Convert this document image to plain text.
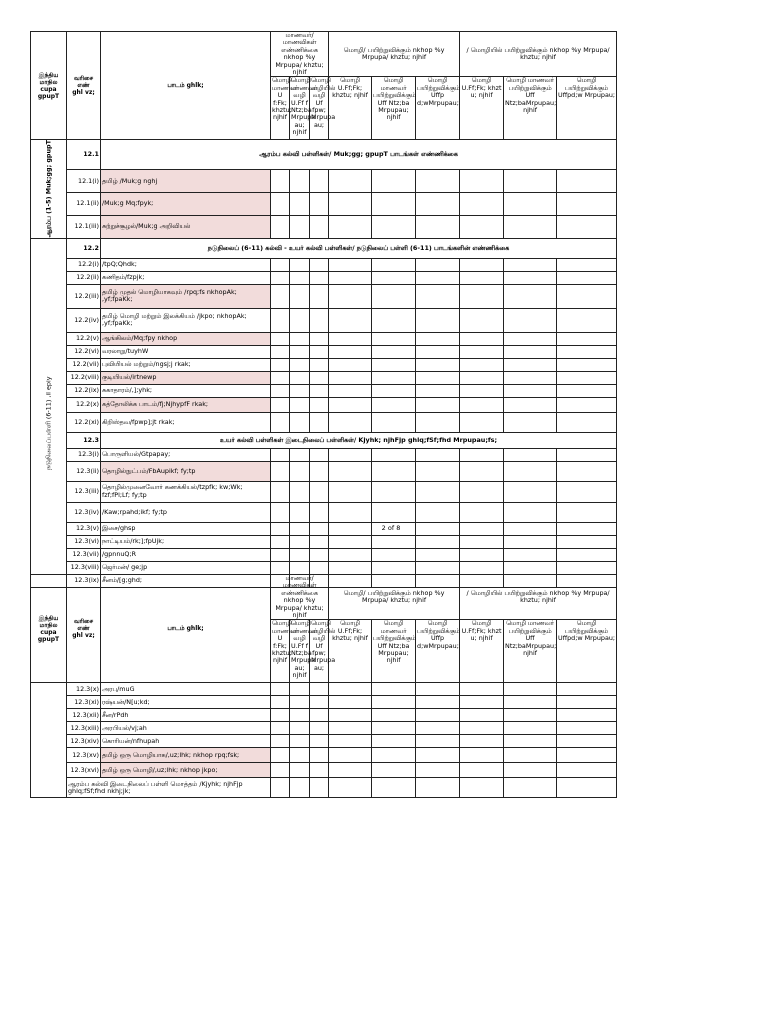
இந்திய
மாநில
cupa
gpupT	வரிசை
எண்
ghl vz;	பாடம் ghlk;	மாணவர்/ மாணவிகள் எண்ணிக்கை nkhop %y Mrpupa/ khztu; njhif			மொழி/ பயிற்றுவிக்கும் nkhop %y Mrpupa/ khztu; njhif			/ மொழியில் பயிற்றுவிக்கும் nkhop %y Mrpupa/ khztu; njhif		
			மொழி மாணவர் U f:Fk; khztu; njhif	மொழி மாணவர் வழி U.Ff f Ntz;ba Mrpupa au; njhif	மொழி வழியில் வழி Uf fpw; Mrpupa au;	மொழி U.Ff;Fk; khztu; njhif	மொழி மாணவர் பயிற்றுவிக்கும் Uff Ntz;ba Mrpupau; njhif	மொழி பயிற்றுவிக்கும் Uffp d;wMrpupau;	மொழி U.Ff;Fk; khzt u; njhif	மொழி மாணவர் பயிற்றுவிக்கும் Uff Ntz;baMrpupau; njhif	மொழி பயிற்றுவிக்கும் Uffpd;w Mrpupau;
ஆரம்ப (1-5) Muk;gg; gpupT	12.1	ஆரம்ப கல்வி பள்ளிகள்/ Muk;gg; gpupT பாடங்கள் எண்ணிக்கை									
	12.1(i)	தமிழ் /Muk;g nghj									
	12.1(ii)	/Muk;g Mq;fpyk;									
	12.1(iii)	சுற்றுச்சூழல்/Muk;g அறிவியல்									
	12.2	நடுநிலைப் (6-11) கல்வி - உயர் கல்வி பள்ளிகள்/ நடுநிலைப் பள்ளி (6-11) பாடங்களின் எண்ணிக்கை									
நடுநிலைப்பள்ளி (6-11) ,il epiy	12.2(i)	/tpQ;Qhdk;									
	12.2(ii)	கணிதம்/fzpjk;									
	12.2(iii)	தமிழ் முதல் மொழியாகவும் /rpq;fs nkhopAk; ,yf;fpaKk;									
	12.2(iv)	தமிழ் மொழி மற்றும் இலக்கியம் /jkpo; nkhopAk; ,yf;fpaKk;									
	12.2(v)	ஆங்கிலம்/Mq;fpy nkhop									
	12.2(vi)	வரலாறு/tuyhW									
	12.2(vii)	புவியியல் மற்றும்/ngsj;j rkak;									
	12.2(viii)	குடியியல்/irtnewp									
	12.2(ix)	சுகாதாரம்/,];yhk;									
	12.2(x)	கத்தோலிக்க பாடம்/fj;NjhypfF rkak;									
	12.2(xi)	கிறிஸ்தவ/fpwp];jt rkak;									
	12.3	உயர் கல்வி பள்ளிகள் இடைநிலைப் பள்ளிகள்/ Kjyhk; njhFjp ghlq;fSf;fhd Mrpupau;fs;									
	12.3(i)	பொருளியல்/Gtpapay;									
	12.3(ii)	தொழில்நுட்பம்/FbAupikf; fy;tp									
	12.3(iii)	தொழில்முனைவோர் கணக்கியல்/tzpfk; kw;Wk; fzf;fPl;Lf; fy;tp									
	12.3(iv)	/Kaw;rpahd;ikf; fy;tp									
	12.3(v)	இசை/ghsp									
	12.3(vi)	நாட்டியம்/rk;];fpUjk;									
	12.3(vii)	/gpnnuQ;R									
	12.3(viii)	ஜெர்மன்/ ge;jp									
	12.3(ix)	சீனம்/[g;ghd;									
2 of 8
இந்திய
மாநில
cupa
gpupT	வரிசை
எண்
ghl vz;	பாடம் ghlk;	மாணவர்/ மாணவிகள் எண்ணிக்கை nkhop %y Mrpupa/ khztu; njhif			மொழி/ பயிற்றுவிக்கும் nkhop %y Mrpupa/ khztu; njhif			/ மொழியில் பயிற்றுவிக்கும் nkhop %y Mrpupa/ khztu; njhif		
			மொழி மாணவர் U f:Fk; khztu; njhif	மொழி மாணவர் வழி U.Ff f Ntz;ba Mrpupa au; njhif	மொழி வழியில் வழி Uf fpw; Mrpupa au;	மொழி U.Ff;Fk; khztu; njhif	மொழி மாணவர் பயிற்றுவிக்கும் Uff Ntz;ba Mrpupau; njhif	மொழி பயிற்றுவிக்கும் Uffp d;wMrpupau;	மொழி U.Ff;Fk; khzt u; njhif	மொழி மாணவர் பயிற்றுவிக்கும் Uff Ntz;baMrpupau; njhif	மொழி பயிற்றுவிக்கும் Uffpd;w Mrpupau;
	12.3(x)	அரபு/muG									
	12.3(xi)	ரஷ்யன்/N[u;kd;									
	12.3(xii)	சீன/rPdh									
	12.3(xiii)	அரபியல்/vj;ah									
	12.3(xiv)	கொரியன்/nfhupah									
	12.3(xv)	தமிழ் ஒரு மொழியாக/,uz;lhk; nkhop rpq;fsk;									
	12.3(xvi)	தமிழ் ஒரு மொழி/,uz;lhk; nkhop jkpo;									
	ஆரம்ப கல்வி இடைநிலைப் பள்ளி மொத்தம் /Kjyhk; njhFjp ghlq;fSf;fhd nkhj;jk;										
